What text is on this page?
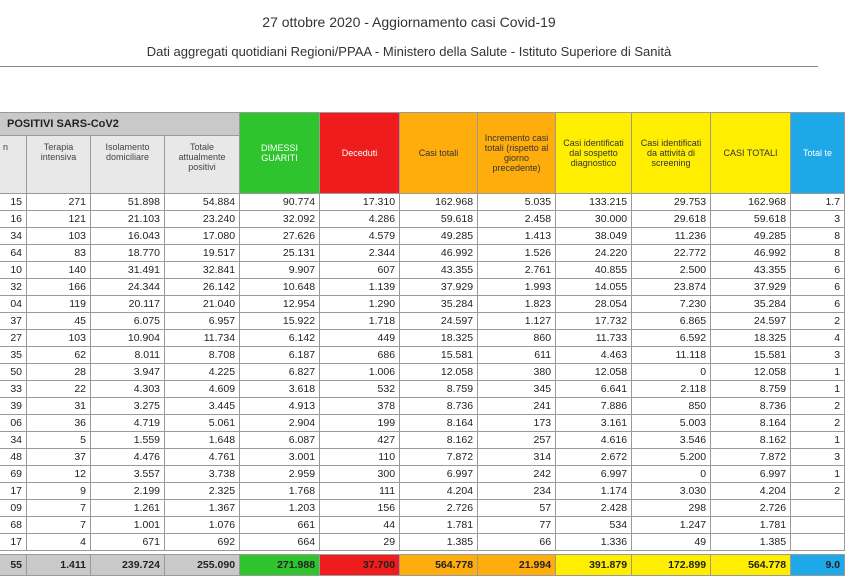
27 ottobre 2020 - Aggiornamento casi Covid-19
Dati aggregati quotidiani Regioni/PPAA - Ministero della Salute - Istituto Superiore di Sanità
POSITIVI SARS-CoV2				DIMESSI GUARITI	Deceduti	Casi totali	Incremento casi totali (rispetto al giorno precedente)	Casi identificati dal sospetto diagnostico	Casi identificati da attività di screening	CASI TOTALI	Total te
n	Terapia intensiva	Isolamento domiciliare	Totale attualmente positivi								
15	271	51.898	54.884	90.774	17.310	162.968	5.035	133.215	29.753	162.968	1.7
16	121	21.103	23.240	32.092	4.286	59.618	2.458	30.000	29.618	59.618	3
34	103	16.043	17.080	27.626	4.579	49.285	1.413	38.049	11.236	49.285	8
64	83	18.770	19.517	25.131	2.344	46.992	1.526	24.220	22.772	46.992	8
10	140	31.491	32.841	9.907	607	43.355	2.761	40.855	2.500	43.355	6
32	166	24.344	26.142	10.648	1.139	37.929	1.993	14.055	23.874	37.929	6
04	119	20.117	21.040	12.954	1.290	35.284	1.823	28.054	7.230	35.284	6
37	45	6.075	6.957	15.922	1.718	24.597	1.127	17.732	6.865	24.597	2
27	103	10.904	11.734	6.142	449	18.325	860	11.733	6.592	18.325	4
35	62	8.011	8.708	6.187	686	15.581	611	4.463	11.118	15.581	3
50	28	3.947	4.225	6.827	1.006	12.058	380	12.058	0	12.058	1
33	22	4.303	4.609	3.618	532	8.759	345	6.641	2.118	8.759	1
39	31	3.275	3.445	4.913	378	8.736	241	7.886	850	8.736	2
06	36	4.719	5.061	2.904	199	8.164	173	3.161	5.003	8.164	2
34	5	1.559	1.648	6.087	427	8.162	257	4.616	3.546	8.162	1
48	37	4.476	4.761	3.001	110	7.872	314	2.672	5.200	7.872	3
69	12	3.557	3.738	2.959	300	6.997	242	6.997	0	6.997	1
17	9	2.199	2.325	1.768	111	4.204	234	1.174	3.030	4.204	2
09	7	1.261	1.367	1.203	156	2.726	57	2.428	298	2.726	
68	7	1.001	1.076	661	44	1.781	77	534	1.247	1.781	
17	4	671	692	664	29	1.385	66	1.336	49	1.385	

55	1.411	239.724	255.090	271.988	37.700	564.778	21.994	391.879	172.899	564.778	9.0
